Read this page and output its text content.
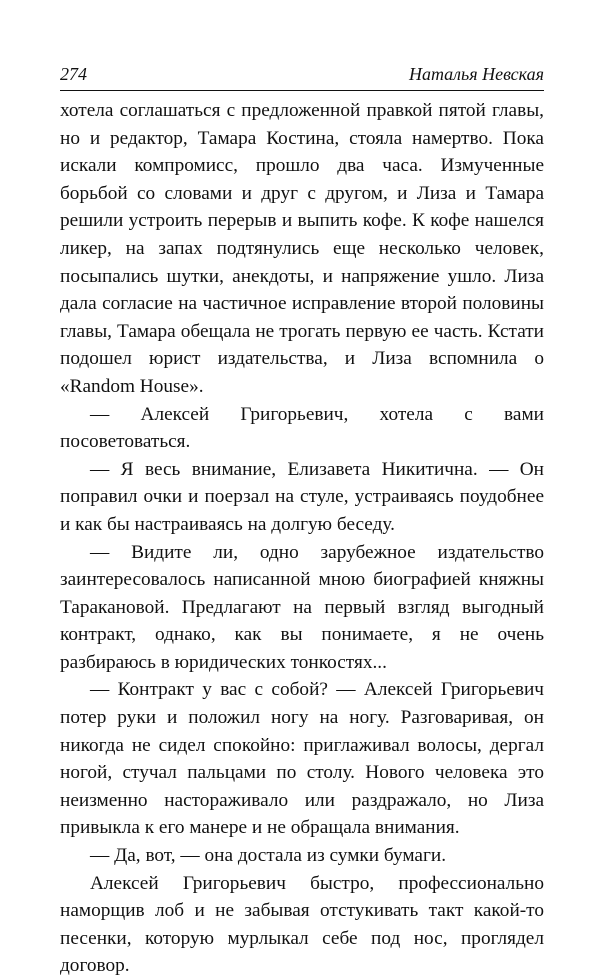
274	Наталья Невская

хотела соглашаться с предложенной правкой пятой главы, но и редактор, Тамара Костина, стояла намертво. Пока искали компромисс, прошло два часа. Измученные борьбой со словами и друг с другом, и Лиза и Тамара решили устроить перерыв и выпить кофе. К кофе нашелся ликер, на запах подтянулись еще несколько человек, посыпались шутки, анекдоты, и напряжение ушло. Лиза дала согласие на частичное исправление второй половины главы, Тамара обещала не трогать первую ее часть. Кстати подошел юрист издательства, и Лиза вспомнила о «Random House».

— Алексей Григорьевич, хотела с вами посоветоваться.

— Я весь внимание, Елизавета Никитична. — Он поправил очки и поерзал на стуле, устраиваясь поудобнее и как бы настраиваясь на долгую беседу.

— Видите ли, одно зарубежное издательство заинтересовалось написанной мною биографией княжны Таракановой. Предлагают на первый взгляд выгодный контракт, однако, как вы понимаете, я не очень разбираюсь в юридических тонкостях...

— Контракт у вас с собой? — Алексей Григорьевич потер руки и положил ногу на ногу. Разговаривая, он никогда не сидел спокойно: приглаживал волосы, дергал ногой, стучал пальцами по столу. Нового человека это неизменно настораживало или раздражало, но Лиза привыкла к его манере и не обращала внимания.

— Да, вот, — она достала из сумки бумаги.

Алексей Григорьевич быстро, профессионально наморщив лоб и не забывая отстукивать такт какой-то песенки, которую мурлыкал себе под нос, проглядел договор.
